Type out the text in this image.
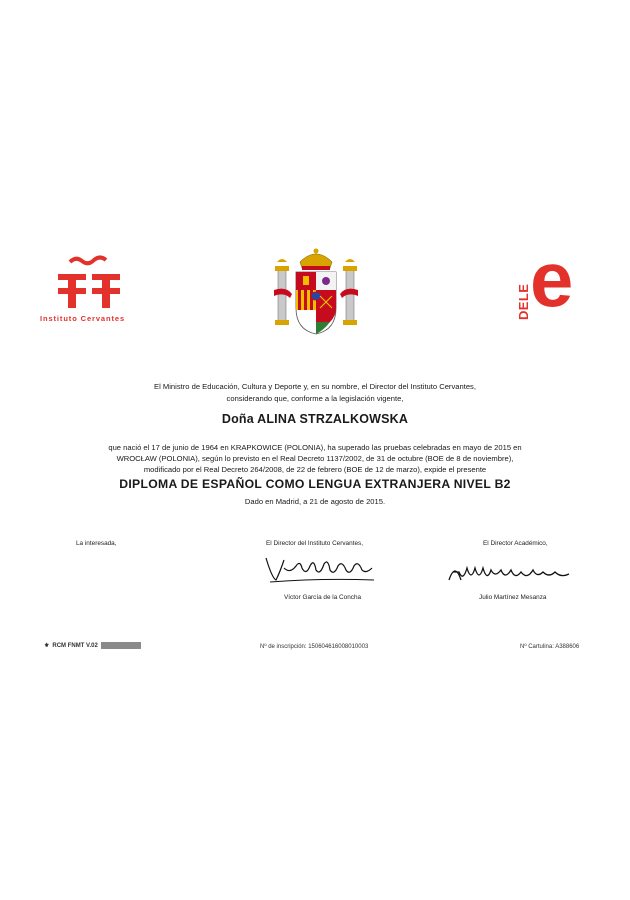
Instituto Cervantes	DELE e
El Ministro de Educación, Cultura y Deporte y, en su nombre, el Director del Instituto Cervantes,
considerando que, conforme a la legislación vigente,
Doña ALINA STRZALKOWSKA
que nació el 17 de junio de 1964 en KRAPKOWICE (POLONIA), ha superado las pruebas celebradas en mayo de 2015 en
WROCŁAW (POLONIA), según lo previsto en el Real Decreto 1137/2002, de 31 de octubre (BOE de 8 de noviembre),
modificado por el Real Decreto 264/2008, de 22 de febrero (BOE de 12 de marzo), expide el presente
DIPLOMA DE ESPAÑOL COMO LENGUA EXTRANJERA NIVEL B2
Dado en Madrid, a 21 de agosto de 2015.
La interesada,	El Director del Instituto Cervantes,	El Director Académico,
Víctor García de la Concha	Julio Martínez Mesanza
⚜ RCM FNMT V.02	Nº de inscripción: 150604616008010003	Nº Cartulina: A388606
